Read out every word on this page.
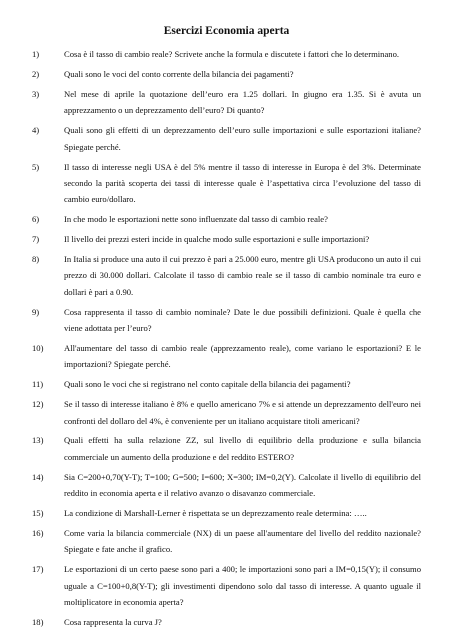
Esercizi Economia aperta
1)	Cosa è il tasso di cambio reale? Scrivete anche la formula e discutete i fattori che lo determinano.
2)	Quali sono le voci del conto corrente della bilancia dei pagamenti?
3)	Nel mese di aprile la quotazione dell’euro era 1.25 dollari. In giugno era 1.35. Si è avuta un apprezzamento o un deprezzamento dell’euro? Di quanto?
4)	Quali sono gli effetti di un deprezzamento dell’euro sulle importazioni e sulle esportazioni italiane? Spiegate perché.
5)	Il tasso di interesse negli USA è del 5% mentre il tasso di interesse in Europa è del 3%. Determinate secondo la parità scoperta dei tassi di interesse quale è l’aspettativa circa l’evoluzione del tasso di cambio euro/dollaro.
6)	In che modo le esportazioni nette sono influenzate dal tasso di cambio reale?
7)	Il livello dei prezzi esteri incide in qualche modo sulle esportazioni e sulle importazioni?
8)	In Italia si produce una auto il cui prezzo è pari a 25.000 euro, mentre gli USA producono un auto il cui prezzo di 30.000 dollari. Calcolate il tasso di cambio reale se il tasso di cambio nominale tra euro e dollari è pari a 0.90.
9)	Cosa rappresenta il tasso di cambio nominale? Date le due possibili definizioni. Quale è quella che viene adottata per l’euro?
10)	All'aumentare del tasso di cambio reale (apprezzamento reale), come variano le esportazioni? E le importazioni? Spiegate perché.
11)	Quali sono le voci che si registrano nel conto capitale della bilancia dei pagamenti?
12)	Se il tasso di interesse italiano è 8% e quello americano 7% e si attende un deprezzamento dell'euro nei confronti del dollaro del 4%, è conveniente per un italiano acquistare titoli americani?
13)	Quali effetti ha sulla relazione ZZ, sul livello di equilibrio della produzione e sulla bilancia commerciale un aumento della produzione e del reddito ESTERO?
14)	Sia C=200+0,70(Y-T); T=100; G=500; I=600; X=300; IM=0,2(Y). Calcolate il livello di equilibrio del reddito in economia aperta e il relativo avanzo o disavanzo commerciale.
15)	La condizione di Marshall-Lerner è rispettata se un deprezzamento reale determina: …..
16)	Come varia la bilancia commerciale (NX) di un paese all'aumentare del livello del reddito nazionale? Spiegate e fate anche il grafico.
17)	Le esportazioni di un certo paese sono pari a 400; le importazioni sono pari a IM=0,15(Y); il consumo uguale a C=100+0,8(Y-T); gli investimenti dipendono solo dal tasso di interesse. A quanto uguale il moltiplicatore in economia aperta?
18)	Cosa rappresenta la curva J?
